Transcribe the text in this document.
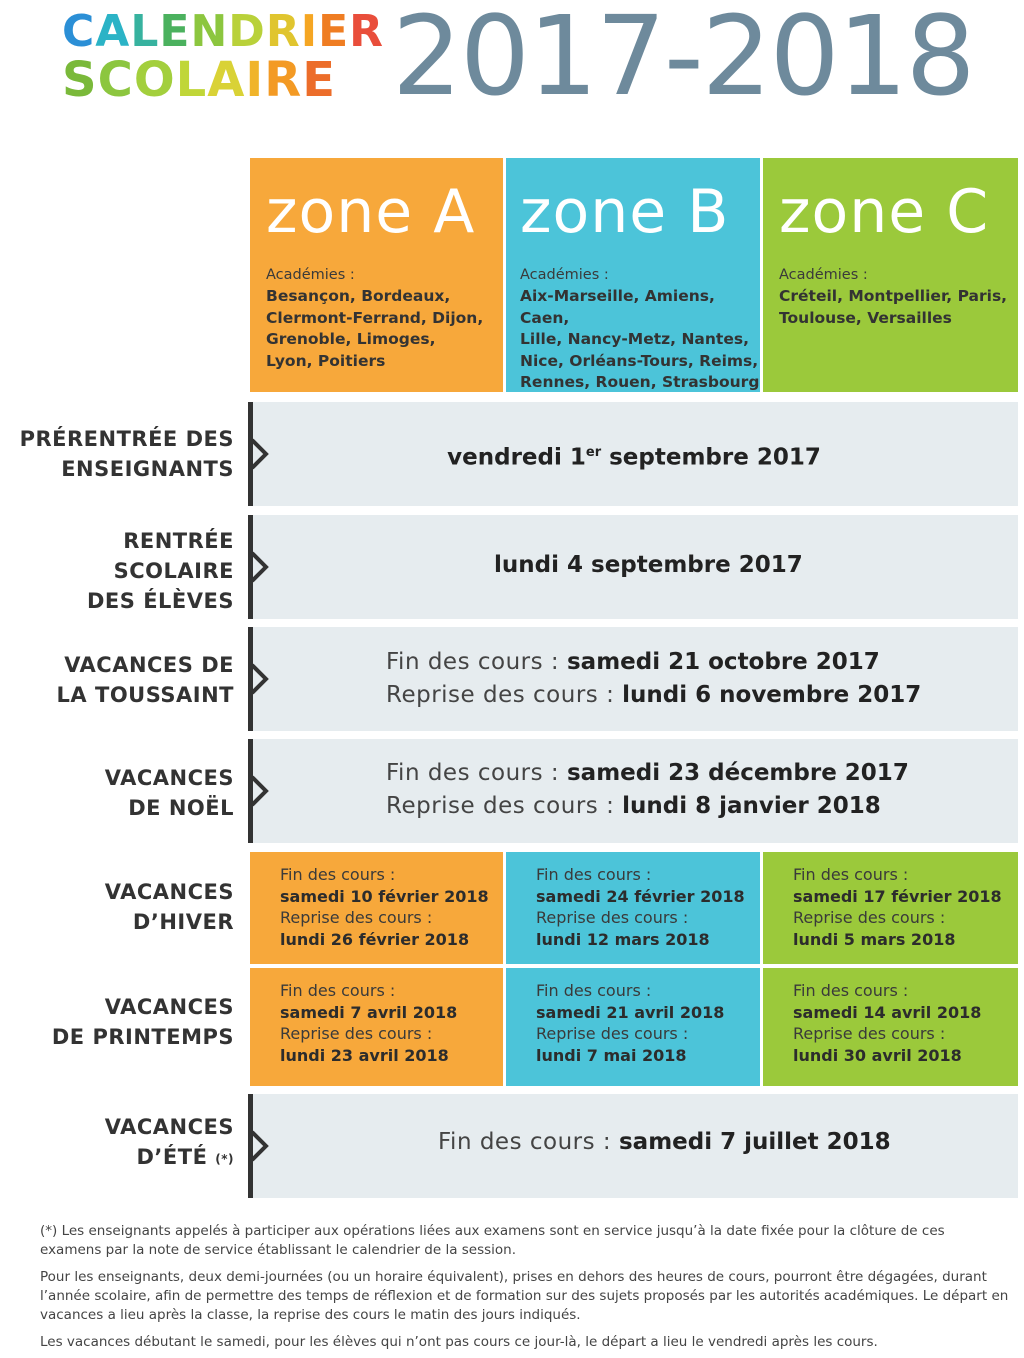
CALENDRIER
SCOLAIRE 2017-2018
zone A
Académies :
Besançon, Bordeaux,
Clermont-Ferrand, Dijon,
Grenoble, Limoges,
Lyon, Poitiers
zone B
Académies :
Aix-Marseille, Amiens, Caen,
Lille, Nancy-Metz, Nantes,
Nice, Orléans-Tours, Reims,
Rennes, Rouen, Strasbourg
zone C
Académies :
Créteil, Montpellier, Paris,
Toulouse, Versailles
PRÉRENTRÉE DES
ENSEIGNANTS	vendredi 1er septembre 2017
RENTRÉE
SCOLAIRE
DES ÉLÈVES
lundi 4 septembre 2017
VACANCES DE
LA TOUSSAINT
Fin des cours : samedi 21 octobre 2017
Reprise des cours : lundi 6 novembre 2017
VACANCES
DE NOËL
Fin des cours : samedi 23 décembre 2017
Reprise des cours : lundi 8 janvier 2018
VACANCES
D’HIVER
Fin des cours :
samedi 10 février 2018
Reprise des cours :
lundi 26 février 2018
Fin des cours :
samedi 24 février 2018
Reprise des cours :
lundi 12 mars 2018
Fin des cours :
samedi 17 février 2018
Reprise des cours :
lundi 5 mars 2018
VACANCES
DE PRINTEMPS
Fin des cours :
samedi 7 avril 2018
Reprise des cours :
lundi 23 avril 2018
Fin des cours :
samedi 21 avril 2018
Reprise des cours :
lundi 7 mai 2018
Fin des cours :
samedi 14 avril 2018
Reprise des cours :
lundi 30 avril 2018
VACANCES
D’ÉTÉ (*)
Fin des cours : samedi 7 juillet 2018
(*) Les enseignants appelés à participer aux opérations liées aux examens sont en service jusqu’à la date fixée pour la clôture de ces examens par la note de service établissant le calendrier de la session.
Pour les enseignants, deux demi-journées (ou un horaire équivalent), prises en dehors des heures de cours, pourront être dégagées, durant l’année scolaire, afin de permettre des temps de réflexion et de formation sur des sujets proposés par les autorités académiques. Le départ en vacances a lieu après la classe, la reprise des cours le matin des jours indiqués.
Les vacances débutant le samedi, pour les élèves qui n’ont pas cours ce jour-là, le départ a lieu le vendredi après les cours.
